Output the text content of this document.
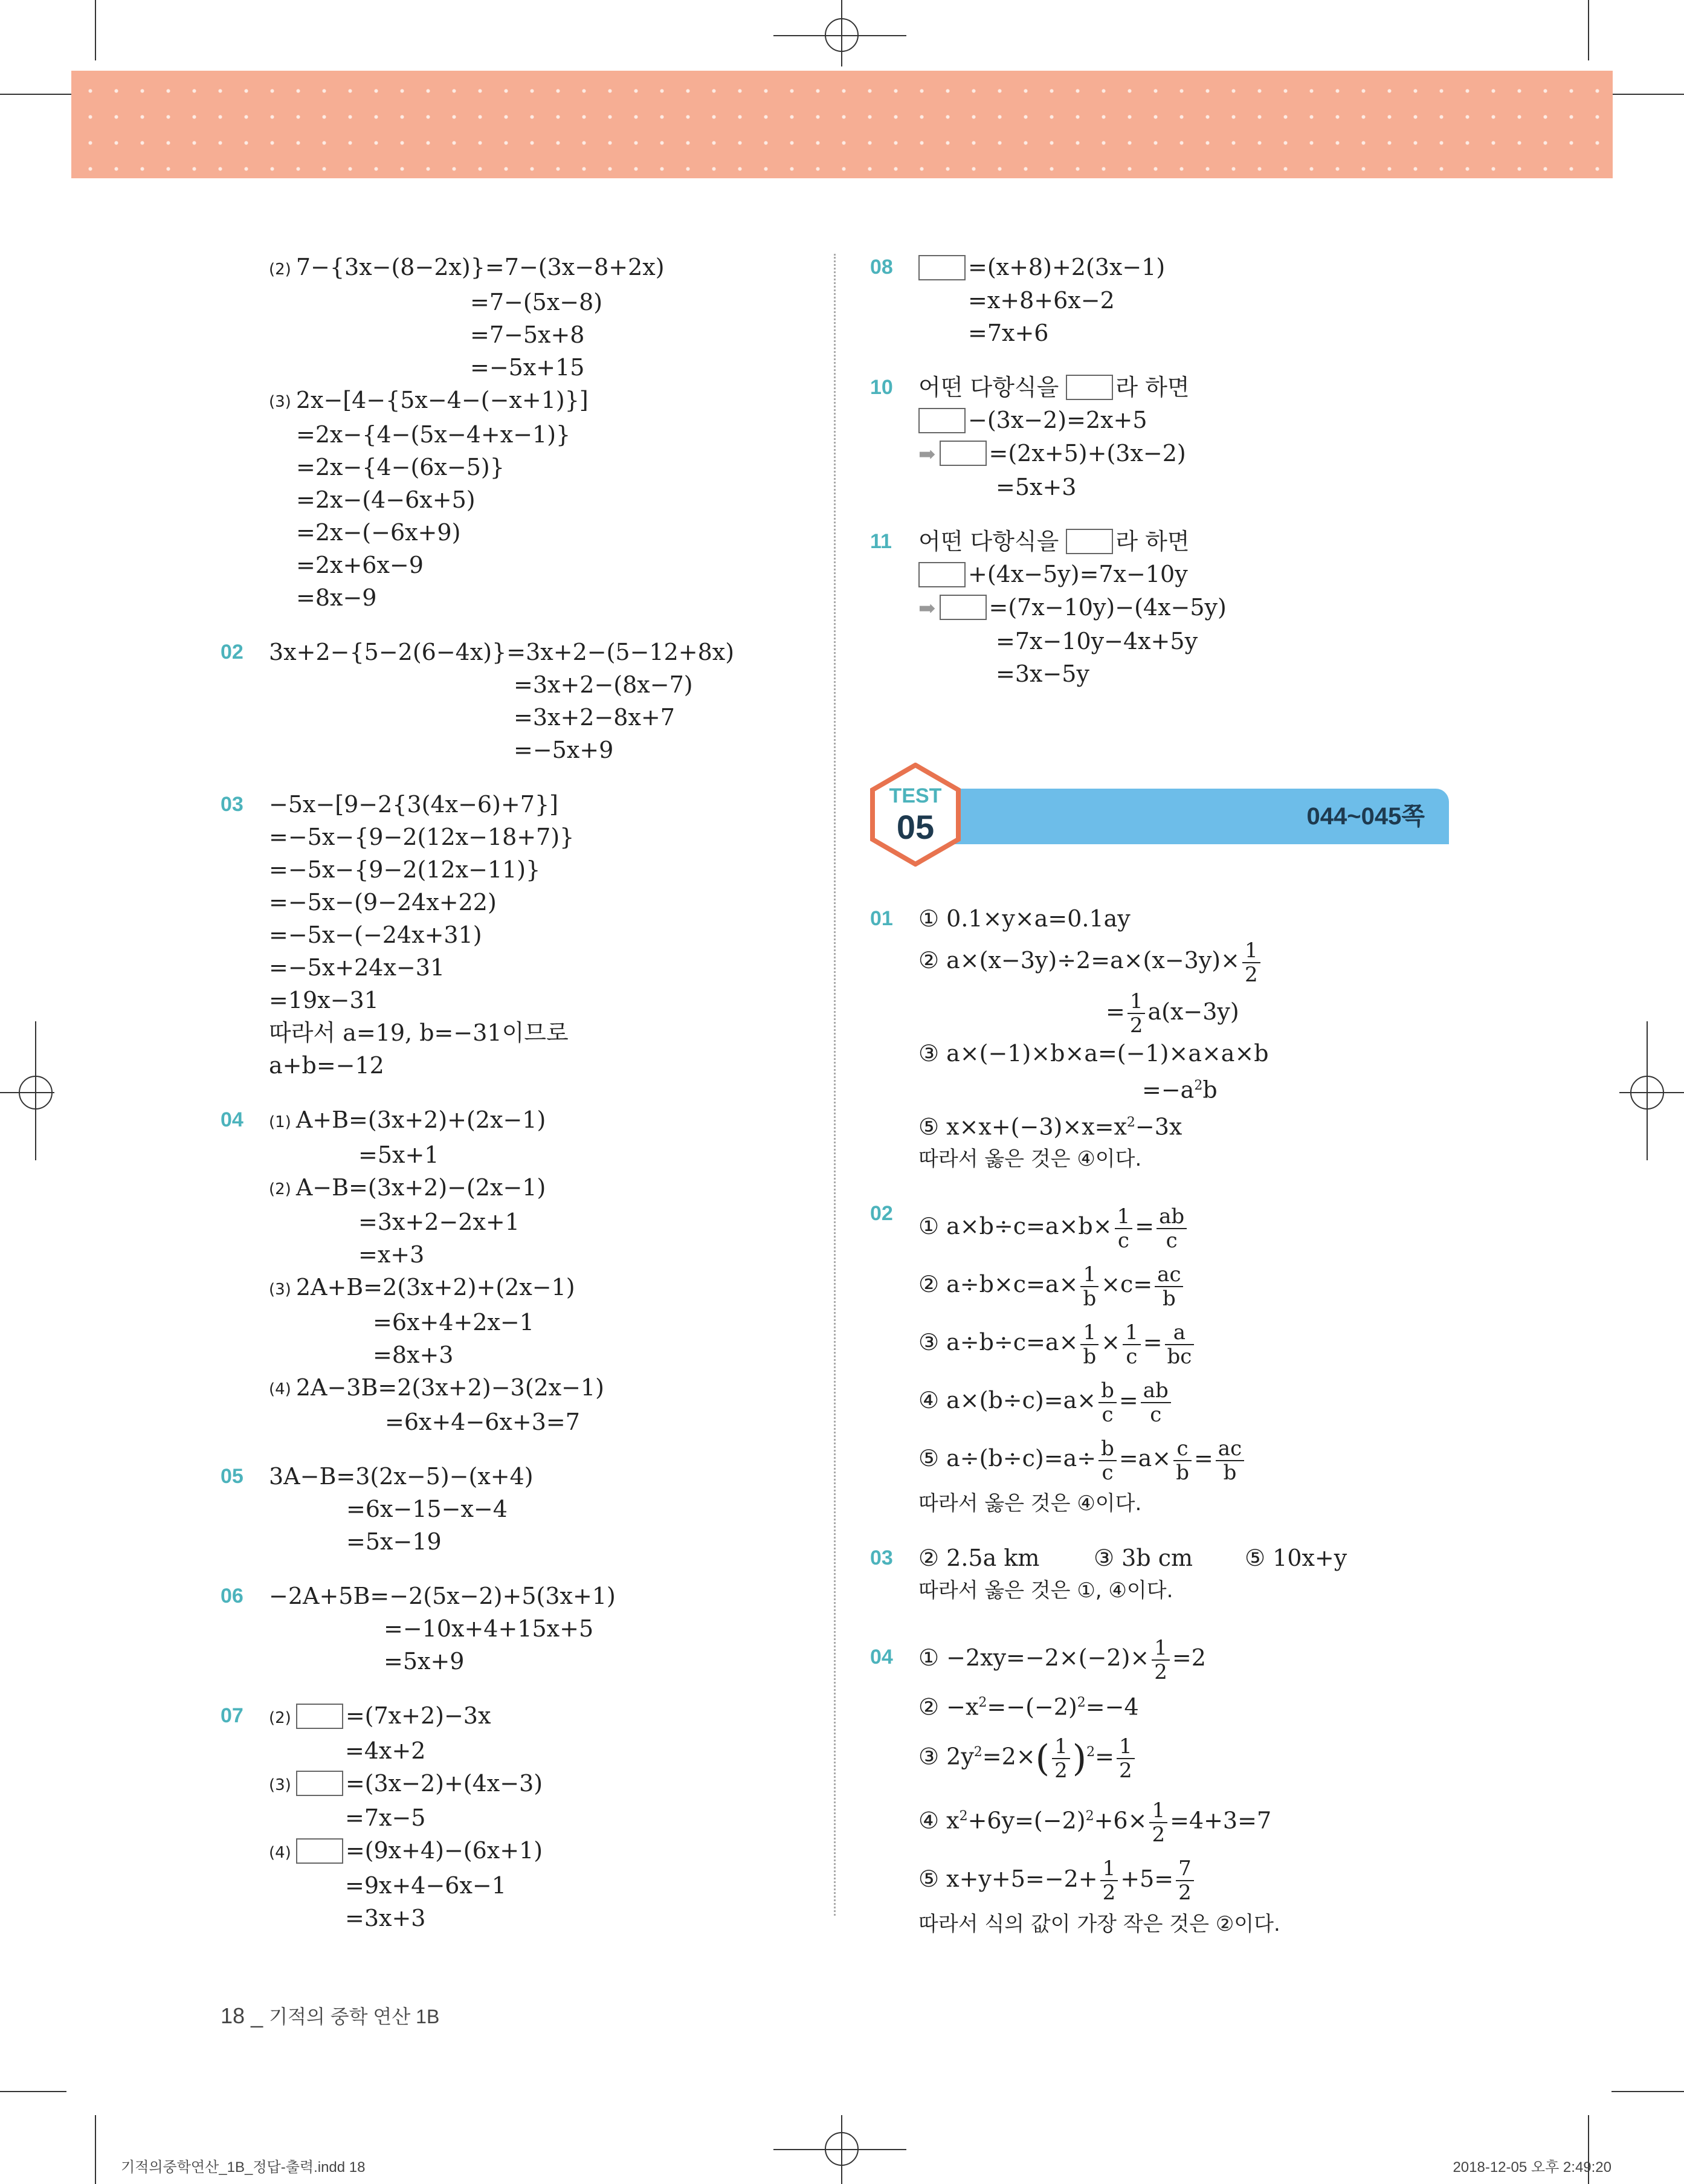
(2) 7−{3x−(8−2x)}=7−(3x−8+2x)
=7−(5x−8)
=7−5x+8
=−5x+15
(3) 2x−[4−{5x−4−(−x+1)}]
=2x−{4−(5x−4+x−1)}
=2x−{4−(6x−5)}
=2x−(4−6x+5)
=2x−(−6x+9)
=2x+6x−9
=8x−9
02 3x+2−{5−2(6−4x)}=3x+2−(5−12+8x)
=3x+2−(8x−7)
=3x+2−8x+7
=−5x+9
03 −5x−[9−2{3(4x−6)+7}]
=−5x−{9−2(12x−18+7)}
=−5x−{9−2(12x−11)}
=−5x−(9−24x+22)
=−5x−(−24x+31)
=−5x+24x−31
=19x−31
따라서 a=19, b=−31이므로
a+b=−12
04 (1) A+B=(3x+2)+(2x−1)
=5x+1
(2) A−B=(3x+2)−(2x−1)
=3x+2−2x+1
=x+3
(3) 2A+B=2(3x+2)+(2x−1)
=6x+4+2x−1
=8x+3
(4) 2A−3B=2(3x+2)−3(2x−1)
=6x+4−6x+3=7
05 3A−B=3(2x−5)−(x+4)
=6x−15−x−4
=5x−19
06 −2A+5B=−2(5x−2)+5(3x+1)
=−10x+4+15x+5
=5x+9
07 (2) =(7x+2)−3x
=4x+2
(3) =(3x−2)+(4x−3)
=7x−5
(4) =(9x+4)−(6x+1)
=9x+4−6x−1
=3x+3
08	=(x+8)+2(3x−1)
=x+8+6x−2
=7x+6
10 어떤 다항식을 라 하면
−(3x−2)=2x+5
➡ =(2x+5)+(3x−2)
=5x+3
11 어떤 다항식을 라 하면
+(4x−5y)=7x−10y
➡ =(7x−10y)−(4x−5y)
=7x−10y−4x+5y
=3x−5y
044~045쪽
TEST
05
01 ① 0.1×y×a=0.1ay
② $a\times(x-3y)\div 2=a\times(x-3y)\times \frac{1}{2}$
= $\frac{1}{2} a(x-3y)$
③ a×(−1)×b×a=(−1)×a×a×b
$=-a^2b$
⑤ $x\times x+(-3)\times x=x^2-3x$
따라서 옳은 것은 ④이다.
02 ① $a\times b\div c=a\times b\times \frac{1}{c} = \frac{ab}{c}$
② $a\div b\times c=a\times \frac{1}{b} \times c= \frac{ac}{b}$
③ $a\div b\div c=a\times \frac{1}{b} \times \frac{1}{c} = \frac{a}{bc}$
④ $a\times(b\div c)=a\times \frac{b}{c} = \frac{ab}{c}$
⑤ $a\div(b\div c)=a\div \frac{b}{c} =a\times \frac{c}{b} = \frac{ac}{b}$
따라서 옳은 것은 ④이다.
03 ② 2.5a km ③ 3b cm ⑤ 10x+y
따라서 옳은 것은 ①, ④이다.
04 ① $-2xy=-2\times(-2)\times \frac{1}{2} =2$
② $-x^2=-(-2)^2=-4$
③ $2y^2=2\times( \frac{1}{2} )^2= \frac{1}{2}$
④ $x^2+6y=(-2)^2+6\times \frac{1}{2} =4+3=7$
⑤ $x+y+5=-2+ \frac{1}{2} +5= \frac{7}{2}$
따라서 식의 값이 가장 작은 것은 ②이다.
18 _ 기적의 중학 연산 1B
기적의중학연산_1B_정답-출력.indd 18	2018-12-05 오후 2:49:20
